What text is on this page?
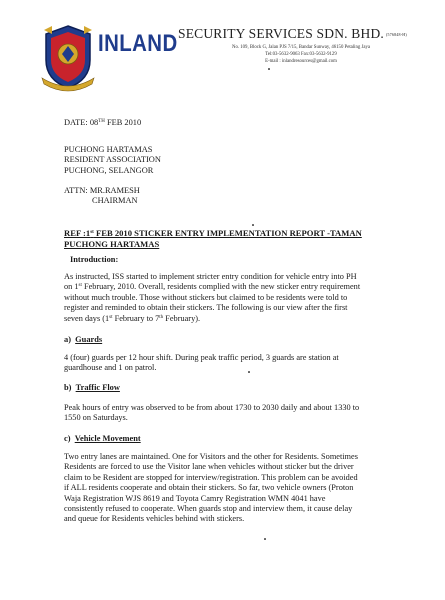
INLAND SECURITY SERVICES SDN. BHD. (576848-H)
No. 109, Block G, Jalan PJS 7/15, Bandar Sunway, 46150 Petaling Jaya
Tel:03-5632-9063 Fax:03-5632-9129
E-mail : inlandresources@gmail.com
DATE: 08TH FEB 2010
PUCHONG HARTAMAS
RESIDENT ASSOCIATION
PUCHONG, SELANGOR
ATTN: MR.RAMESH
CHAIRMAN
REF :1st FEB 2010 STICKER ENTRY IMPLEMENTATION REPORT -TAMAN
PUCHONG HARTAMAS
Introduction:
As instructed, ISS started to implement stricter entry condition for vehicle entry into PH
on 1st February, 2010. Overall, residents complied with the new sticker entry requirement
without much trouble. Those without stickers but claimed to be residents were told to
register and reminded to obtain their stickers. The following is our view after the first
seven days (1st February to 7th February).
a) Guards
4 (four) guards per 12 hour shift. During peak traffic period, 3 guards are station at
guardhouse and 1 on patrol.
b) Traffic Flow
Peak hours of entry was observed to be from about 1730 to 2030 daily and about 1330 to
1550 on Saturdays.
c) Vehicle Movement
Two entry lanes are maintained. One for Visitors and the other for Residents. Sometimes
Residents are forced to use the Visitor lane when vehicles without sticker but the driver
claim to be Resident are stopped for interview/registration. This problem can be avoided
if ALL residents cooperate and obtain their stickers. So far, two vehicle owners (Proton
Waja Registration WJS 8619 and Toyota Camry Registration WMN 4041 have
consistently refused to cooperate. When guards stop and interview them, it cause delay
and queue for Residents vehicles behind with stickers.
